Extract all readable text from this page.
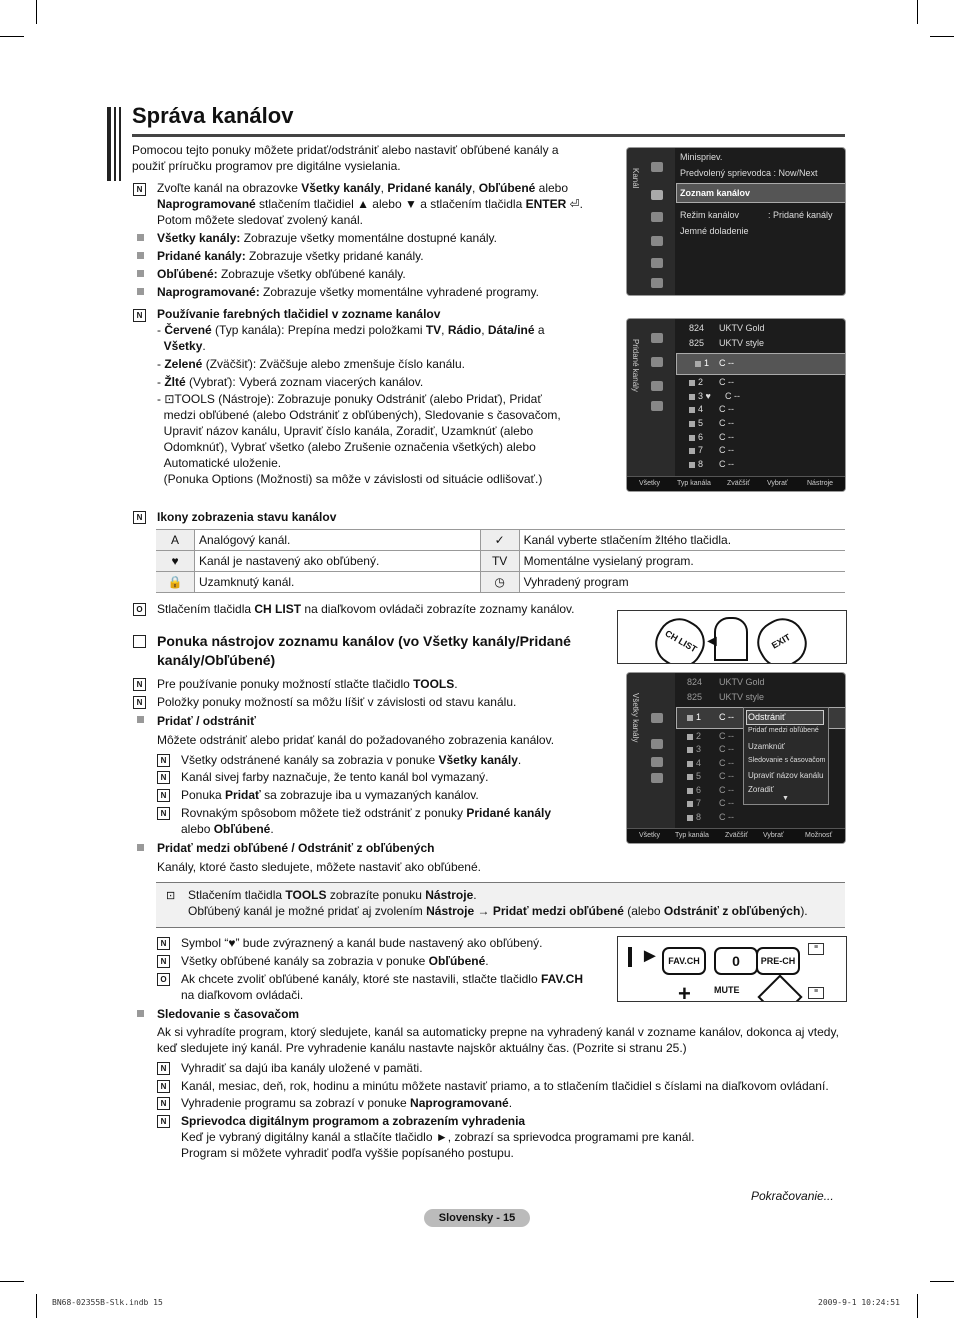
Správa kanálov
Pomocou tejto ponuky môžete pridať/odstrániť alebo nastaviť obľúbené kanály a použiť príručku programov pre digitálne vysielania.
N	Zvoľte kanál na obrazovke Všetky kanály, Pridané kanály, Obľúbené alebo
Naprogramované stlačením tlačidiel ▲ alebo ▼ a stlačením tlačidla ENTER ⏎.
Potom môžete sledovať zvolený kanál.
Všetky kanály: Zobrazuje všetky momentálne dostupné kanály.
Pridané kanály: Zobrazuje všetky pridané kanály.
Obľúbené: Zobrazuje všetky obľúbené kanály.
Naprogramované: Zobrazuje všetky momentálne vyhradené programy.
N	Používanie farebných tlačidiel v zozname kanálov
- Červené (Typ kanála): Prepína medzi položkami TV, Rádio, Dáta/iné a
Všetky.
- Zelené (Zväčšiť): Zväčšuje alebo zmenšuje číslo kanálu.
- Žlté (Vybrať): Vyberá zoznam viacerých kanálov.
- ⊡TOOLS (Nástroje): Zobrazuje ponuky Odstrániť (alebo Pridať), Pridať
medzi obľúbené (alebo Odstrániť z obľúbených), Sledovanie s časovačom,
Upraviť názov kanálu, Upraviť číslo kanála, Zoradiť, Uzamknúť (alebo
Odomknúť), Vybrať všetko (alebo Zrušenie označenia všetkých) alebo
Automatické uloženie.
(Ponuka Options (Možnosti) sa môže v závislosti od situácie odlišovať.)
Kanál
Minispriev.
Predvolený sprievodca : Now/Next
Zoznam kanálov
Režim kanálov	: Pridané kanály
Jemné doladenie
Pridané kanály
824 UKTV Gold
825 UKTV style
1 C --
2 C --
3 ♥ C --
4 C --
5 C --
6 C --
7 C --
8 C --
Všetky Typ kanála Zväčšiť Vybrať	Nástroje
N	Ikony zobrazenia stavu kanálov
A	Analógový kanál.	✓	Kanál vyberte stlačením žltého tlačidla.
♥	Kanál je nastavený ako obľúbený.	TV	Momentálne vysielaný program.
🔒	Uzamknutý kanál.	◷	Vyhradený program
O Stlačením tlačidla CH LIST na diaľkovom ovládači zobrazíte zoznamy kanálov.
CH LIST ◄	EXIT
Ponuka nástrojov zoznamu kanálov (vo Všetky kanály/Pridané
kanály/Obľúbené)
N	Pre používanie ponuky možností stlačte tlačidlo TOOLS.
N	Položky ponuky možností sa môžu líšiť v závislosti od stavu kanálu.
Pridať / odstrániť
Môžete odstrániť alebo pridať kanál do požadovaného zobrazenia kanálov.
N	Všetky odstránené kanály sa zobrazia v ponuke Všetky kanály.
N	Kanál sivej farby naznačuje, že tento kanál bol vymazaný.
N	Ponuka Pridať sa zobrazuje iba u vymazaných kanálov.
N	Rovnakým spôsobom môžete tiež odstrániť z ponuky Pridané kanály
alebo Obľúbené.
Všetky kanály
824 UKTV Gold
825 UKTV style
1 C --
2 C --
3 C --
4 C --
5 C --
6 C --
7 C --
8 C --
Odstrániť
Pridať medzi obľúbené
Uzamknúť
Sledovanie s časovačom
Upraviť názov kanálu
Zoradiť
▼
Všetky Typ kanála Zväčšiť Vybrať	Možnosť
Pridať medzi obľúbené / Odstrániť z obľúbených
Kanály, ktoré často sledujete, môžete nastaviť ako obľúbené.
⊡ Stlačením tlačidla TOOLS zobrazíte ponuku Nástroje.
Obľúbený kanál je možné pridať aj zvolením Nástroje → Pridať medzi obľúbené (alebo Odstrániť z obľúbených).
N	Symbol “♥” bude zvýraznený a kanál bude nastavený ako obľúbený.
N	Všetky obľúbené kanály sa zobrazia v ponuke Obľúbené.
O Ak chcete zvoliť obľúbené kanály, ktoré ste nastavili, stlačte tlačidlo FAV.CH
na diaľkovom ovládači.
► FAV.CH	0	PRE-CH
≡
≡
+	MUTE
Sledovanie s časovačom
Ak si vyhradíte program, ktorý sledujete, kanál sa automaticky prepne na vyhradený kanál v zozname kanálov, dokonca aj vtedy,
keď sledujete iný kanál. Pre vyhradenie kanálu nastavte najskôr aktuálny čas. (Pozrite si stranu 25.)
N	Vyhradiť sa dajú iba kanály uložené v pamäti.
N	Kanál, mesiac, deň, rok, hodinu a minútu môžete nastaviť priamo, a to stlačením tlačidiel s číslami na diaľkovom ovládaní.
N	Vyhradenie programu sa zobrazí v ponuke Naprogramované.
N	Sprievodca digitálnym programom a zobrazením vyhradenia
Keď je vybraný digitálny kanál a stlačíte tlačidlo ►, zobrazí sa sprievodca programami pre kanál.
Program si môžete vyhradiť podľa vyššie popísaného postupu.
Pokračovanie...
Slovensky - 15
BN68-02355B-Slk.indb 15	2009-9-1 10:24:51
